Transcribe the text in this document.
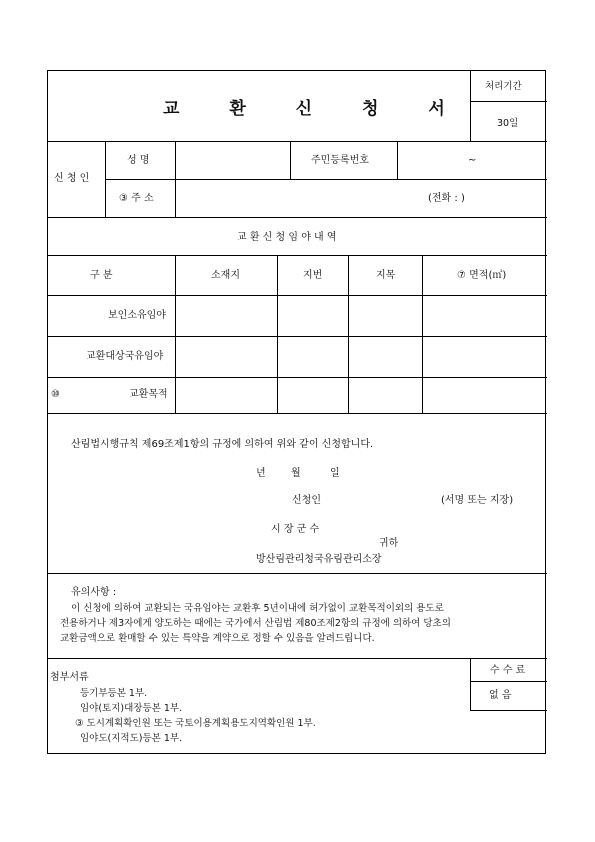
교 환 신 청 서
처리기간
30일
신 청 인
성 명	주민등록번호	~
③ 주 소	(전화 : )
교 환 신 청 임 야 내 역
구 분	소재지	지번	지목	⑦ 면적(㎡)
보인소유임야
교환대상국유임야
⑩	교환목적
산림법시행규칙 제69조제1항의 규정에 의하여 위와 같이 신청합니다.
년	월	일
신청인	(서명 또는 지장)
시 장 군 수
귀하
방산림관리청국유림관리소장
유의사항 :
이 신청에 의하여 교환되는 국유임야는 교환후 5년이내에 허가없이 교환목적이외의 용도로
전용하거나 제3자에게 양도하는 때에는 국가에서 산림법 제80조제2항의 규정에 의하여 당초의
교환금액으로 환매할 수 있는 특약을 계약으로 정할 수 있음을 알려드립니다.
수 수 료
없 음
첨부서류
등기부등본 1부.
임야(토지)대장등본 1부.
③ 도시계획확인원 또는 국토이용계획용도지역확인원 1부.
임야도(지적도)등본 1부.
